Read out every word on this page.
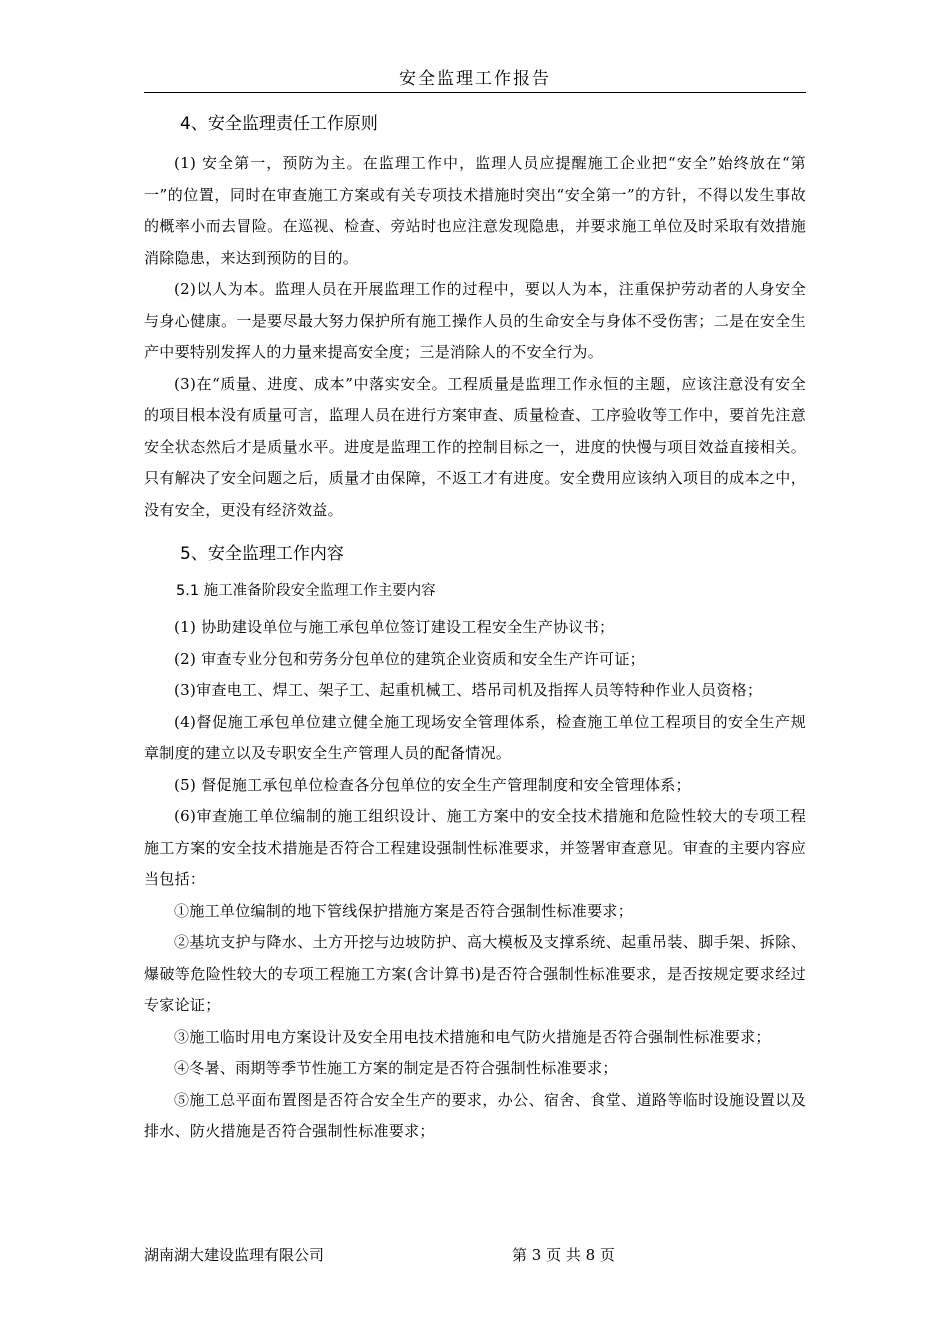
安全监理工作报告
4、安全监理责任工作原则

(1) 安全第一，预防为主。在监理工作中，监理人员应提醒施工企业把“安全”始终放在“第一”的位置，同时在审查施工方案或有关专项技术措施时突出“安全第一”的方针，不得以发生事故的概率小而去冒险。在巡视、检查、旁站时也应注意发现隐患，并要求施工单位及时采取有效措施消除隐患，来达到预防的目的。

(2)以人为本。监理人员在开展监理工作的过程中，要以人为本，注重保护劳动者的人身安全与身心健康。一是要尽最大努力保护所有施工操作人员的生命安全与身体不受伤害；二是在安全生产中要特别发挥人的力量来提高安全度；三是消除人的不安全行为。

(3)在“质量、进度、成本”中落实安全。工程质量是监理工作永恒的主题，应该注意没有安全的项目根本没有质量可言，监理人员在进行方案审查、质量检查、工序验收等工作中，要首先注意安全状态然后才是质量水平。进度是监理工作的控制目标之一，进度的快慢与项目效益直接相关。只有解决了安全问题之后，质量才由保障，不返工才有进度。安全费用应该纳入项目的成本之中，没有安全，更没有经济效益。

5、安全监理工作内容
5.1 施工准备阶段安全监理工作主要内容

(1) 协助建设单位与施工承包单位签订建设工程安全生产协议书；

(2) 审查专业分包和劳务分包单位的建筑企业资质和安全生产许可证；

(3)审查电工、焊工、架子工、起重机械工、塔吊司机及指挥人员等特种作业人员资格；

(4)督促施工承包单位建立健全施工现场安全管理体系，检查施工单位工程项目的安全生产规章制度的建立以及专职安全生产管理人员的配备情况。

(5) 督促施工承包单位检查各分包单位的安全生产管理制度和安全管理体系；

(6)审查施工单位编制的施工组织设计、施工方案中的安全技术措施和危险性较大的专项工程施工方案的安全技术措施是否符合工程建设强制性标准要求，并签署审查意见。审查的主要内容应当包括：

①施工单位编制的地下管线保护措施方案是否符合强制性标准要求；

②基坑支护与降水、土方开挖与边坡防护、高大模板及支撑系统、起重吊装、脚手架、拆除、爆破等危险性较大的专项工程施工方案(含计算书)是否符合强制性标准要求，是否按规定要求经过专家论证；

③施工临时用电方案设计及安全用电技术措施和电气防火措施是否符合强制性标准要求；

④冬暑、雨期等季节性施工方案的制定是否符合强制性标准要求；

⑤施工总平面布置图是否符合安全生产的要求，办公、宿舍、食堂、道路等临时设施设置以及排水、防火措施是否符合强制性标准要求；

湖南湖大建设监理有限公司	第 3 页 共 8 页
